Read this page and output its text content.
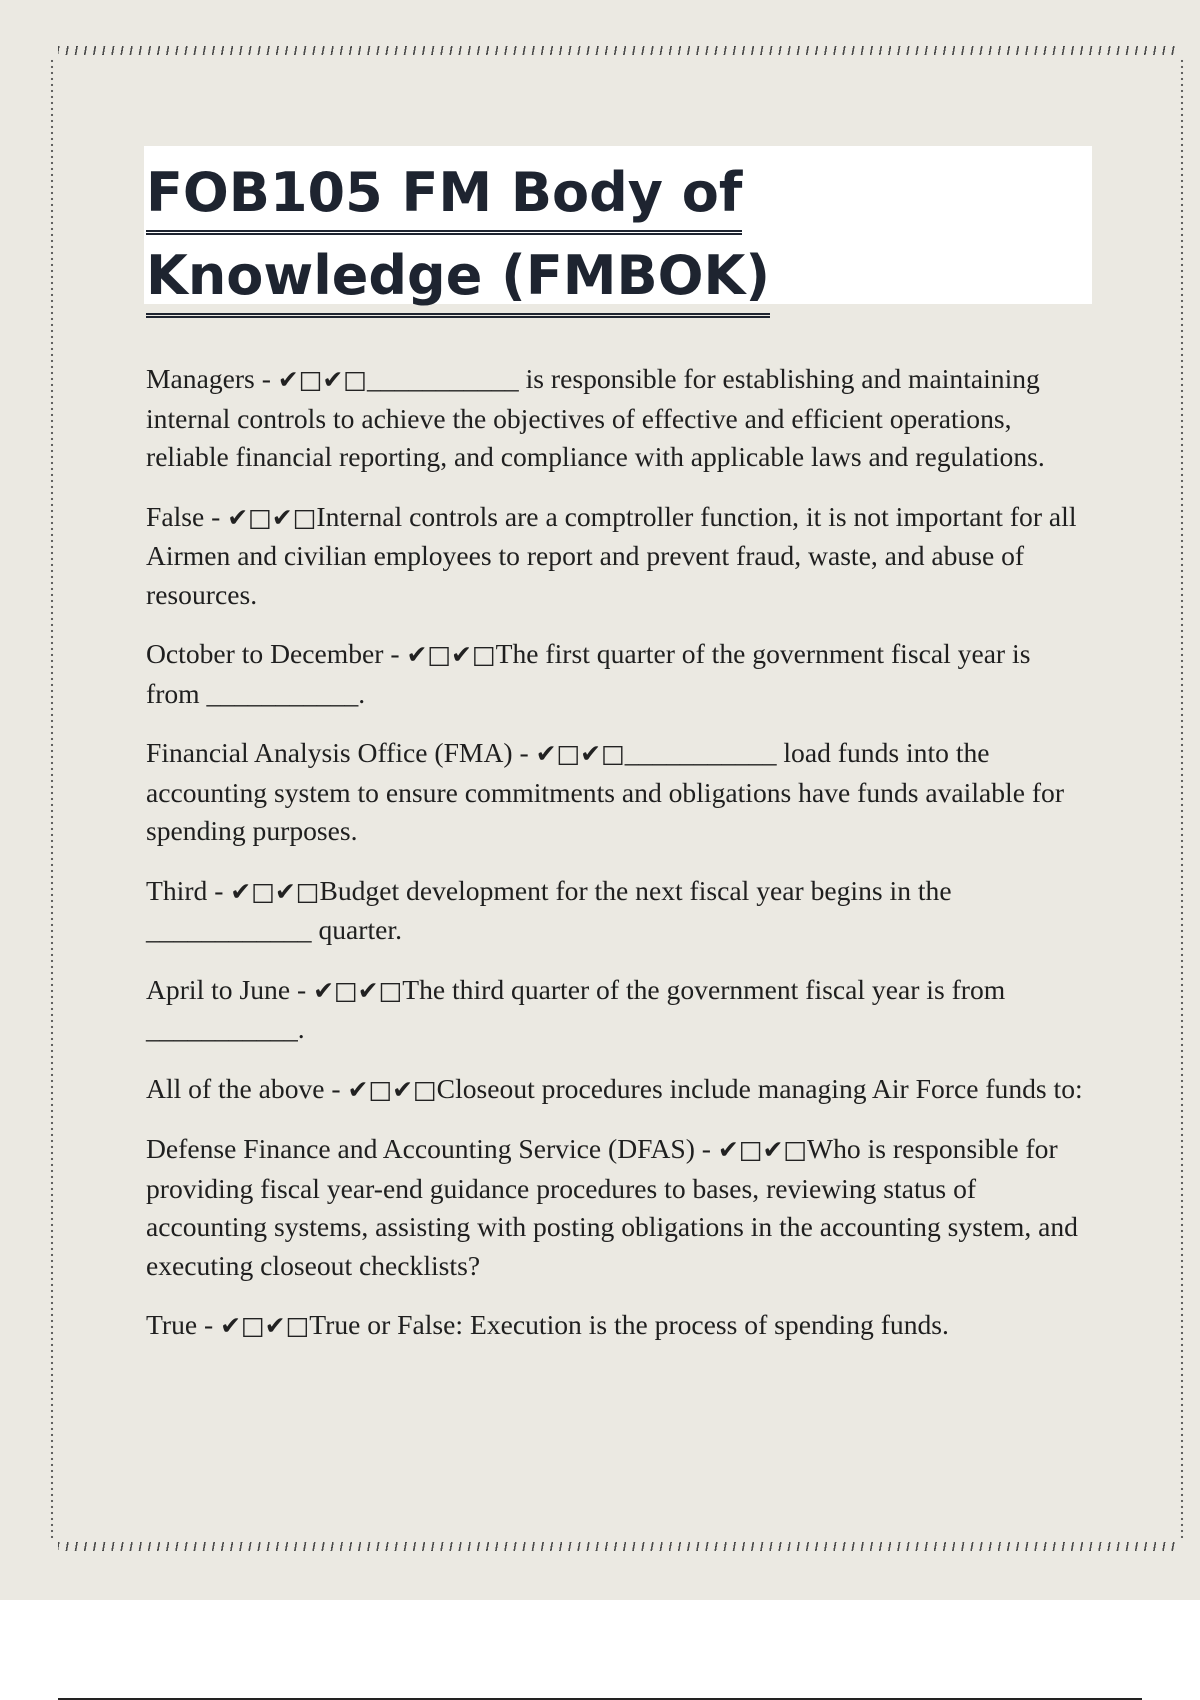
FOB105 FM Body of
Knowledge (FMBOK)

Managers - ✔□✔□___________ is responsible for establishing and maintaining internal controls to achieve the objectives of effective and efficient operations, reliable financial reporting, and compliance with applicable laws and regulations.

False - ✔□✔□Internal controls are a comptroller function, it is not important for all Airmen and civilian employees to report and prevent fraud, waste, and abuse of resources.

October to December - ✔□✔□The first quarter of the government fiscal year is from ___________.

Financial Analysis Office (FMA) - ✔□✔□___________ load funds into the accounting system to ensure commitments and obligations have funds available for spending purposes.

Third - ✔□✔□Budget development for the next fiscal year begins in the ____________ quarter.

April to June - ✔□✔□The third quarter of the government fiscal year is from ___________.

All of the above - ✔□✔□Closeout procedures include managing Air Force funds to:

Defense Finance and Accounting Service (DFAS) - ✔□✔□Who is responsible for providing fiscal year-end guidance procedures to bases, reviewing status of accounting systems, assisting with posting obligations in the accounting system, and executing closeout checklists?

True - ✔□✔□True or False: Execution is the process of spending funds.
